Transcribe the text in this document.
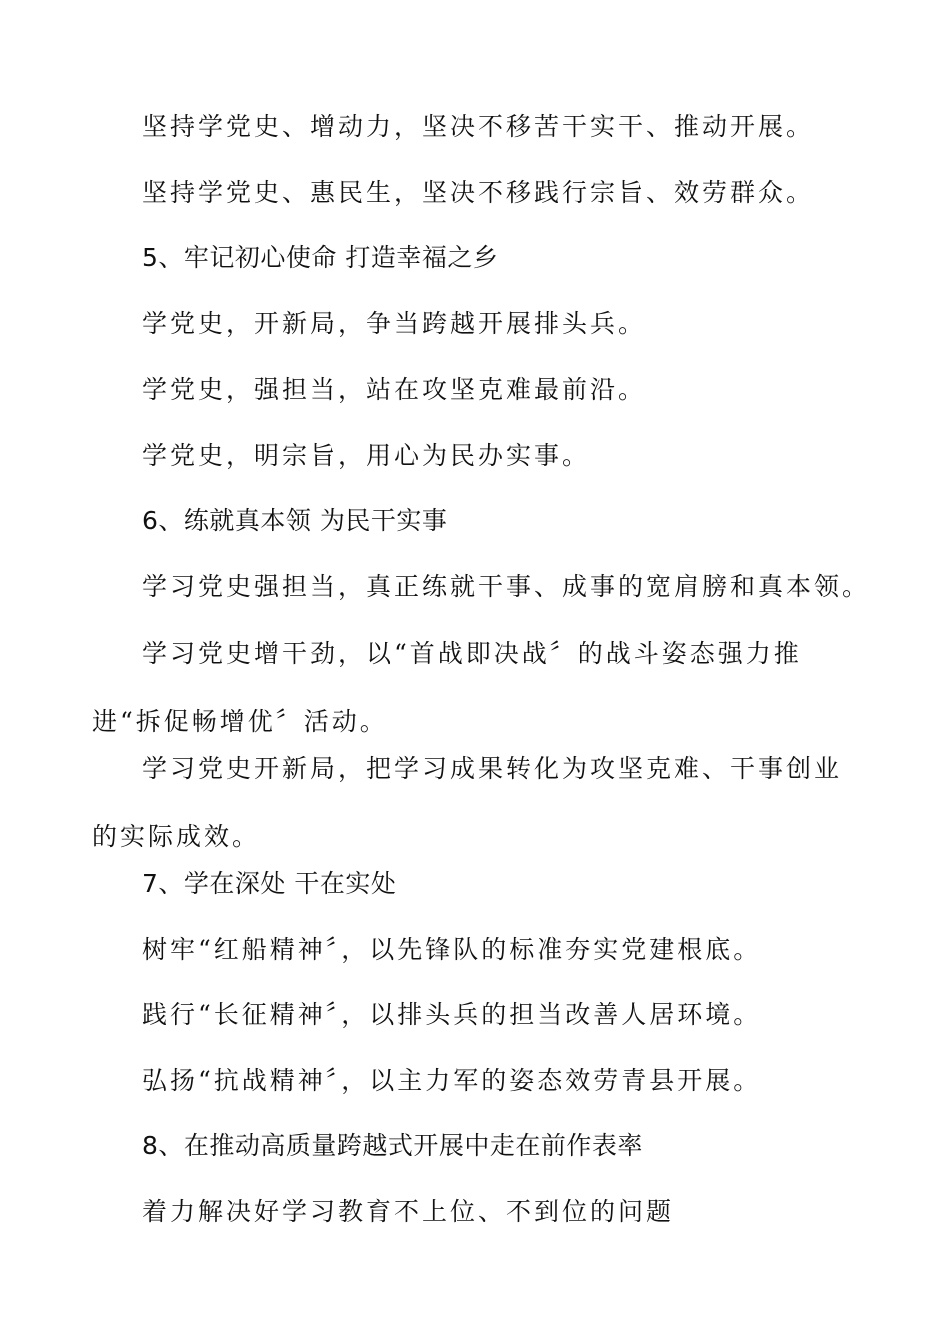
坚持学党史、增动力，坚决不移苦干实干、推动开展。

坚持学党史、惠民生，坚决不移践行宗旨、效劳群众。

5、牢记初心使命 打造幸福之乡

学党史，开新局，争当跨越开展排头兵。

学党史，强担当，站在攻坚克难最前沿。

学党史，明宗旨，用心为民办实事。

6、练就真本领 为民干实事

学习党史强担当，真正练就干事、成事的宽肩膀和真本领。

学习党史增干劲，以“首战即决战〞的战斗姿态强力推进“拆促畅增优〞活动。

学习党史开新局，把学习成果转化为攻坚克难、干事创业的实际成效。

7、学在深处 干在实处

树牢“红船精神〞，以先锋队的标准夯实党建根底。

践行“长征精神〞，以排头兵的担当改善人居环境。

弘扬“抗战精神〞，以主力军的姿态效劳青县开展。

8、在推动高质量跨越式开展中走在前作表率

着力解决好学习教育不上位、不到位的问题
